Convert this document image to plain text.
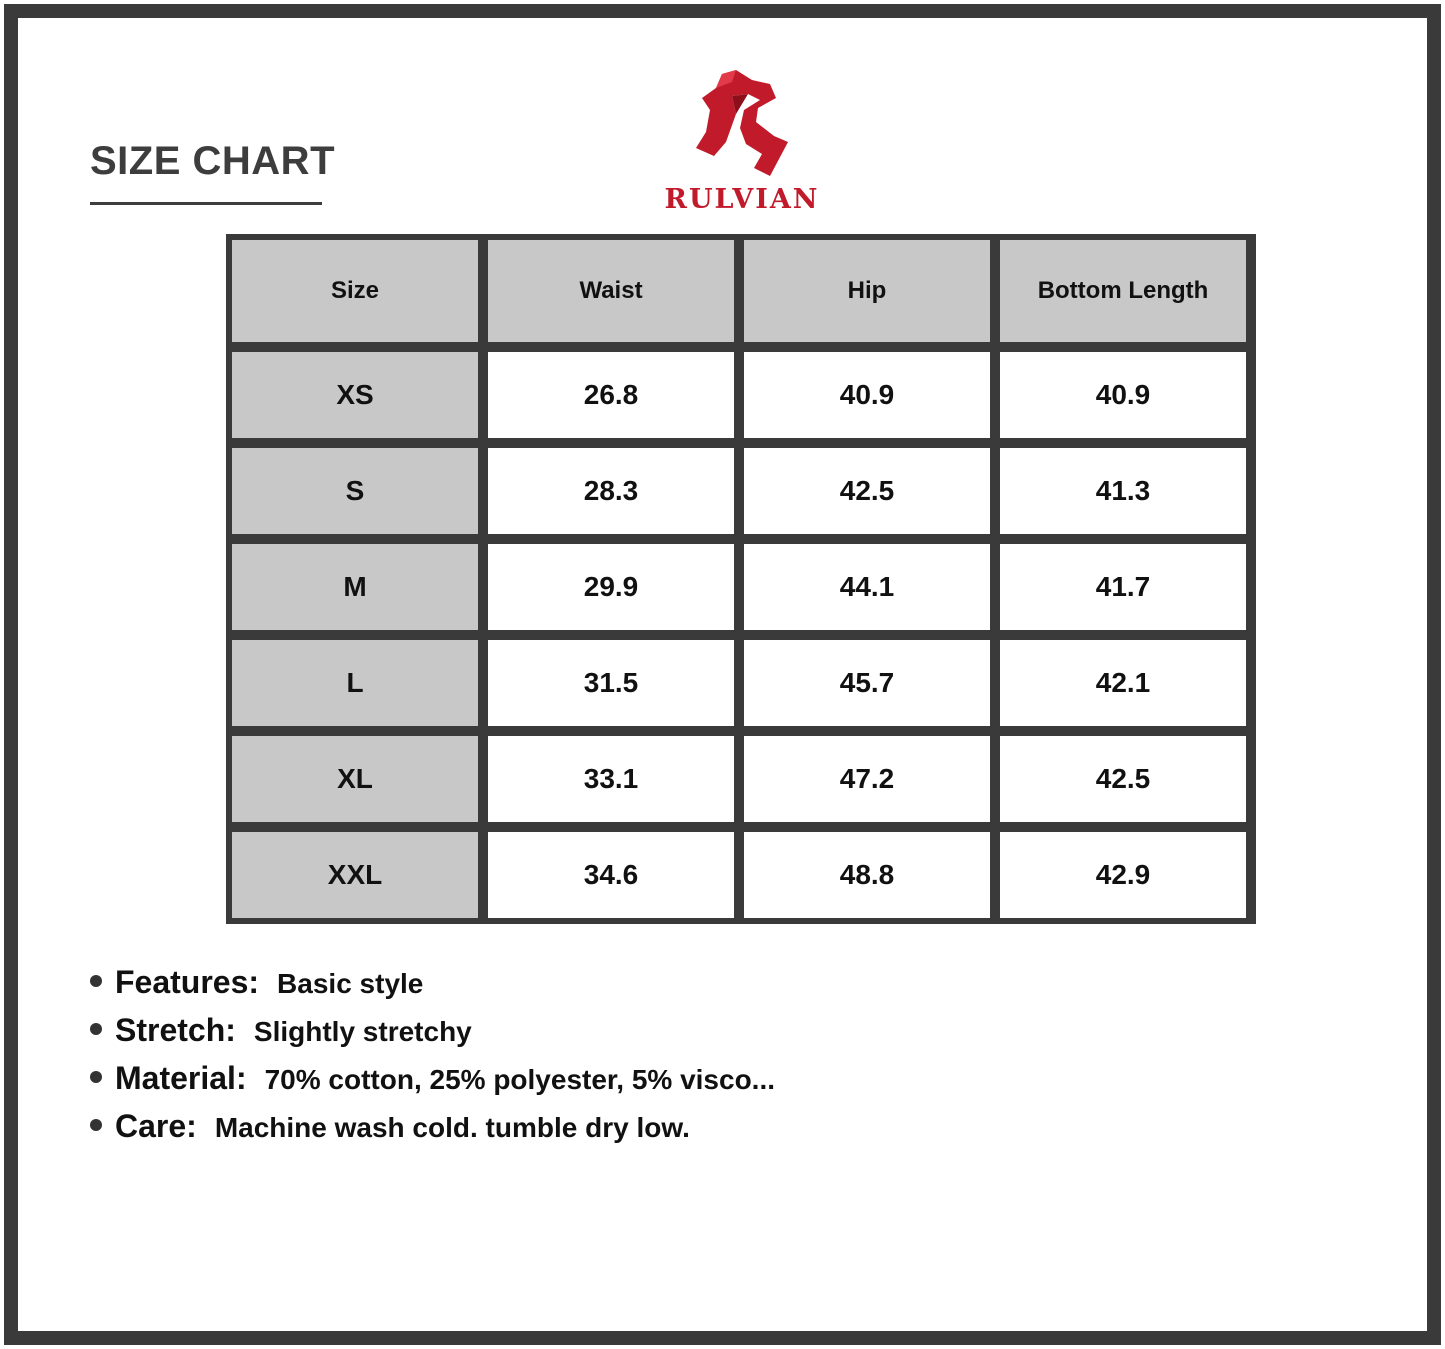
SIZE CHART
RULVIAN
Size	Waist	Hip	Bottom Length
XS	26.8	40.9	40.9
S	28.3	42.5	41.3
M	29.9	44.1	41.7
L	31.5	45.7	42.1
XL	33.1	47.2	42.5
XXL	34.6	48.8	42.9
Features: Basic style
Stretch: Slightly stretchy
Material: 70% cotton, 25% polyester, 5% visco...
Care: Machine wash cold. tumble dry low.
